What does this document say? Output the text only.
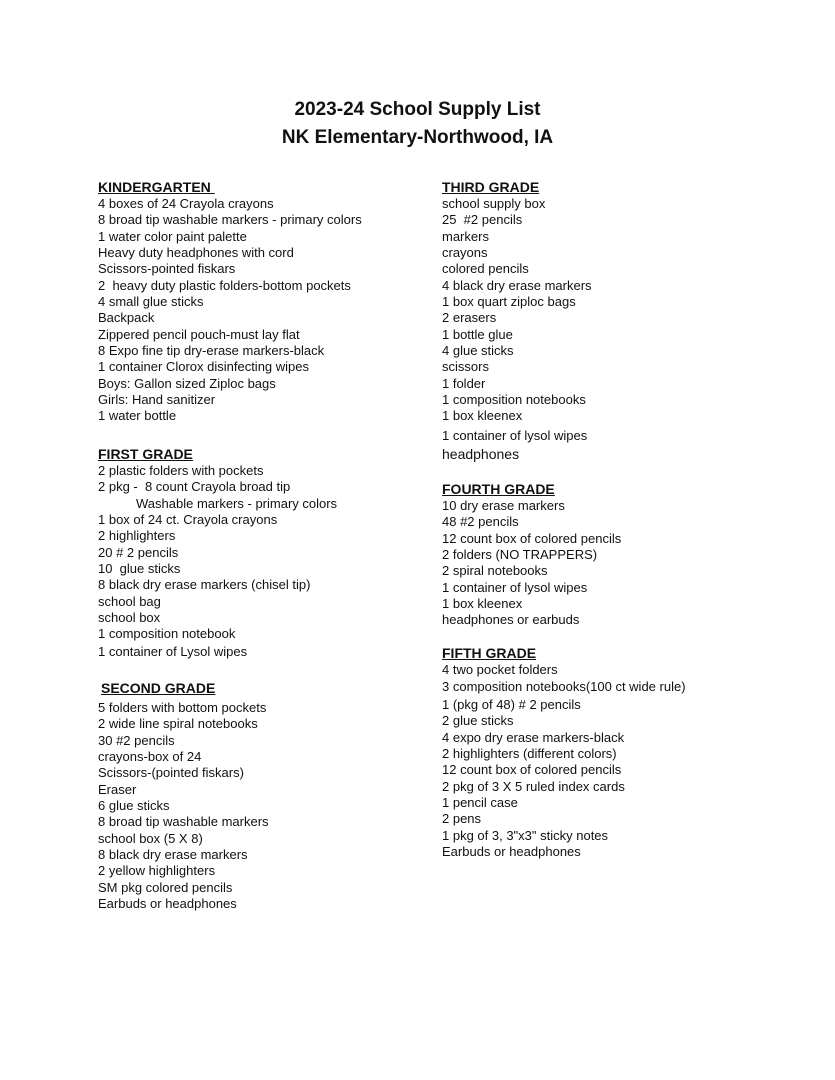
2023-24 School Supply List
NK Elementary-Northwood, IA
KINDERGARTEN
4 boxes of 24 Crayola crayons
8 broad tip washable markers - primary colors
1 water color paint palette
Heavy duty headphones with cord
Scissors-pointed fiskars
2  heavy duty plastic folders-bottom pockets
4 small glue sticks
Backpack
Zippered pencil pouch-must lay flat
8 Expo fine tip dry-erase markers-black
1 container Clorox disinfecting wipes
Boys: Gallon sized Ziploc bags
Girls: Hand sanitizer
1 water bottle
FIRST GRADE
2 plastic folders with pockets
2 pkg -  8 count Crayola broad tip
Washable markers - primary colors
1 box of 24 ct. Crayola crayons
2 highlighters
20 # 2 pencils
10  glue sticks
8 black dry erase markers (chisel tip)
school bag
school box
1 composition notebook
1 container of Lysol wipes
SECOND GRADE
5 folders with bottom pockets
2 wide line spiral notebooks
30 #2 pencils
crayons-box of 24
Scissors-(pointed fiskars)
Eraser
6 glue sticks
8 broad tip washable markers
school box (5 X 8)
8 black dry erase markers
2 yellow highlighters
SM pkg colored pencils
Earbuds or headphones
THIRD GRADE
school supply box
25  #2 pencils
markers
crayons
colored pencils
4 black dry erase markers
1 box quart ziploc bags
2 erasers
1 bottle glue
4 glue sticks
scissors
1 folder
1 composition notebooks
1 box kleenex
1 container of lysol wipes
headphones
FOURTH GRADE
10 dry erase markers
48 #2 pencils
12 count box of colored pencils
2 folders (NO TRAPPERS)
2 spiral notebooks
1 container of lysol wipes
1 box kleenex
headphones or earbuds
FIFTH GRADE
4 two pocket folders
3 composition notebooks(100 ct wide rule)
1 (pkg of 48) # 2 pencils
2 glue sticks
4 expo dry erase markers-black
2 highlighters (different colors)
12 count box of colored pencils
2 pkg of 3 X 5 ruled index cards
1 pencil case
2 pens
1 pkg of 3, 3"x3" sticky notes
Earbuds or headphones
